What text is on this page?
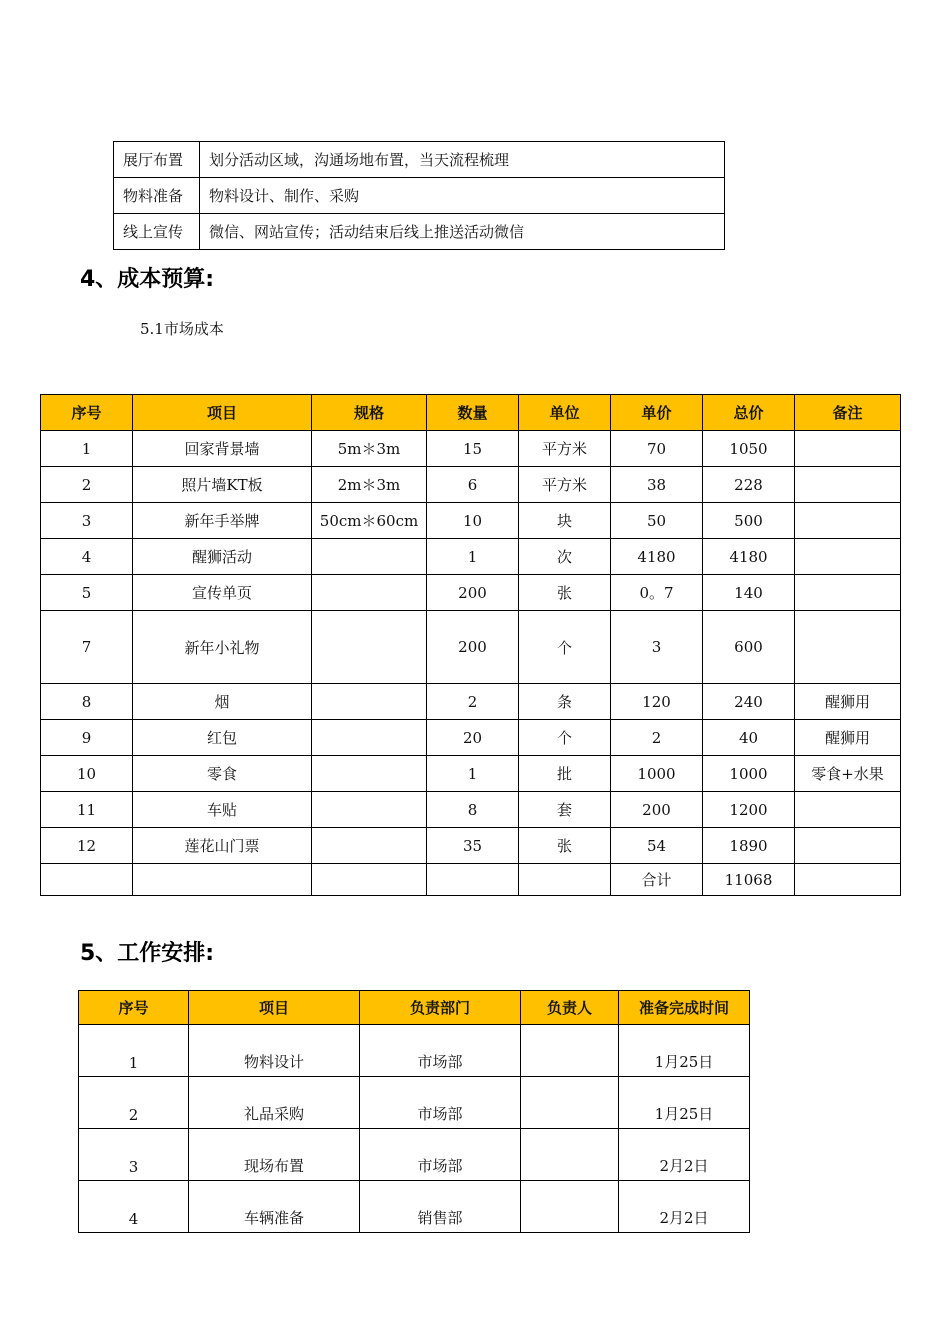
展厅布置	划分活动区域，沟通场地布置，当天流程梳理
物料准备	物料设计、制作、采购
线上宣传	微信、网站宣传；活动结束后线上推送活动微信
4、成本预算:
5.1市场成本
序号	项目	规格	数量	单位	单价	总价	备注
1	回家背景墙	5m＊3m	15	平方米	70	1050	
2	照片墙KT板	2m＊3m	6	平方米	38	228	
3	新年手举牌	50cm＊60cm	10	块	50	500	
4	醒狮活动		1	次	4180	4180	
5	宣传单页		200	张	0。7	140	
7	新年小礼物		200	个	3	600	
8	烟		2	条	120	240	醒狮用
9	红包		20	个	2	40	醒狮用
10	零食		1	批	1000	1000	零食+水果
11	车贴		8	套	200	1200	
12	莲花山门票		35	张	54	1890	
					合计	11068	
5、工作安排:
序号	项目	负责部门	负责人	准备完成时间
1	物料设计	市场部		1月25日
2	礼品采购	市场部		1月25日
3	现场布置	市场部		2月2日
4	车辆准备	销售部		2月2日
